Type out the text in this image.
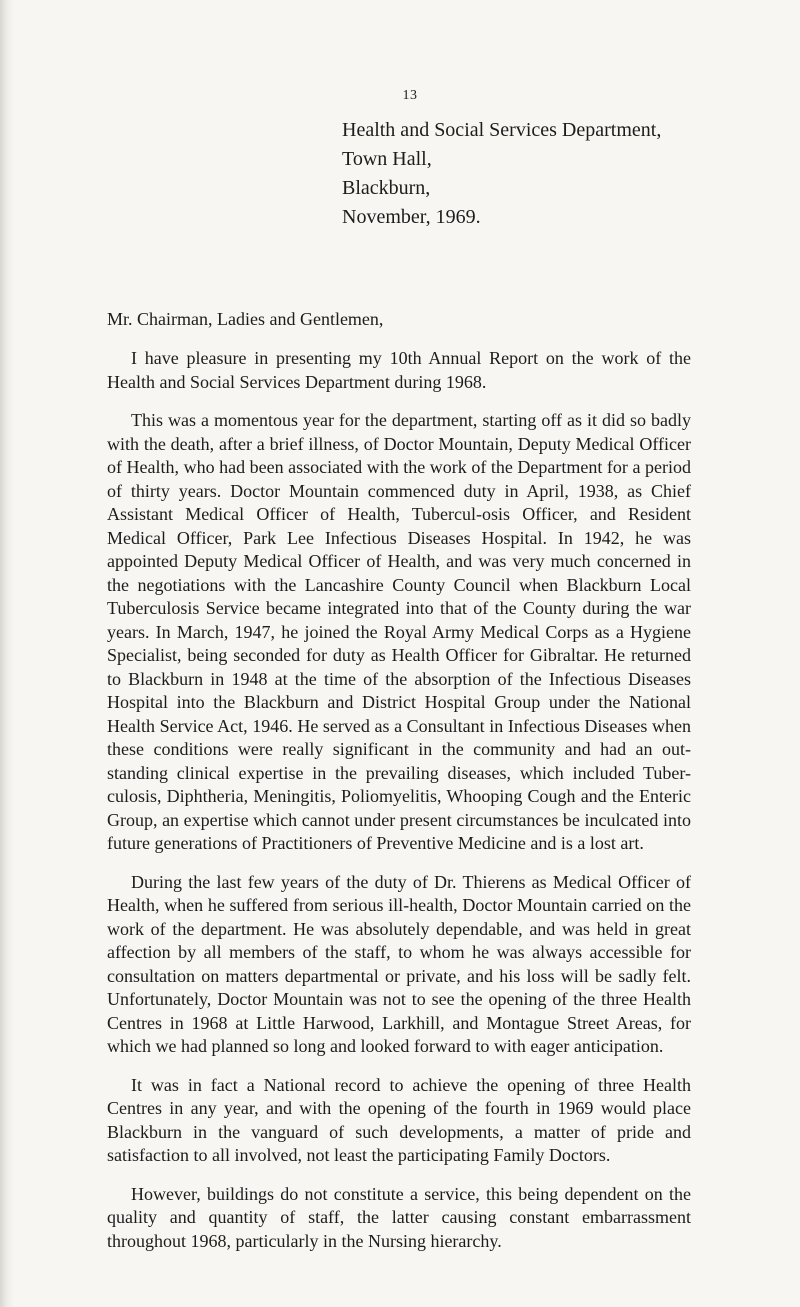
13
Health and Social Services Department,
Town Hall,
Blackburn,
November, 1969.
Mr. Chairman, Ladies and Gentlemen,

I have pleasure in presenting my 10th Annual Report on the work of the Health and Social Services Department during 1968.

This was a momentous year for the department, starting off as it did so badly with the death, after a brief illness, of Doctor Mountain, Deputy Medical Officer of Health, who had been associated with the work of the Department for a period of thirty years. Doctor Mountain commenced duty in April, 1938, as Chief Assistant Medical Officer of Health, Tubercul-osis Officer, and Resident Medical Officer, Park Lee Infectious Diseases Hospital. In 1942, he was appointed Deputy Medical Officer of Health, and was very much concerned in the negotiations with the Lancashire County Council when Blackburn Local Tuberculosis Service became integrated into that of the County during the war years. In March, 1947, he joined the Royal Army Medical Corps as a Hygiene Specialist, being seconded for duty as Health Officer for Gibraltar. He returned to Blackburn in 1948 at the time of the absorption of the Infectious Diseases Hospital into the Blackburn and District Hospital Group under the National Health Service Act, 1946. He served as a Consultant in Infectious Diseases when these conditions were really significant in the community and had an out-standing clinical expertise in the prevailing diseases, which included Tuber-culosis, Diphtheria, Meningitis, Poliomyelitis, Whooping Cough and the Enteric Group, an expertise which cannot under present circumstances be inculcated into future generations of Practitioners of Preventive Medicine and is a lost art.

During the last few years of the duty of Dr. Thierens as Medical Officer of Health, when he suffered from serious ill-health, Doctor Mountain carried on the work of the department. He was absolutely dependable, and was held in great affection by all members of the staff, to whom he was always accessible for consultation on matters departmental or private, and his loss will be sadly felt. Unfortunately, Doctor Mountain was not to see the opening of the three Health Centres in 1968 at Little Harwood, Larkhill, and Montague Street Areas, for which we had planned so long and looked forward to with eager anticipation.

It was in fact a National record to achieve the opening of three Health Centres in any year, and with the opening of the fourth in 1969 would place Blackburn in the vanguard of such developments, a matter of pride and satisfaction to all involved, not least the participating Family Doctors.

However, buildings do not constitute a service, this being dependent on the quality and quantity of staff, the latter causing constant embarrassment throughout 1968, particularly in the Nursing hierarchy.
